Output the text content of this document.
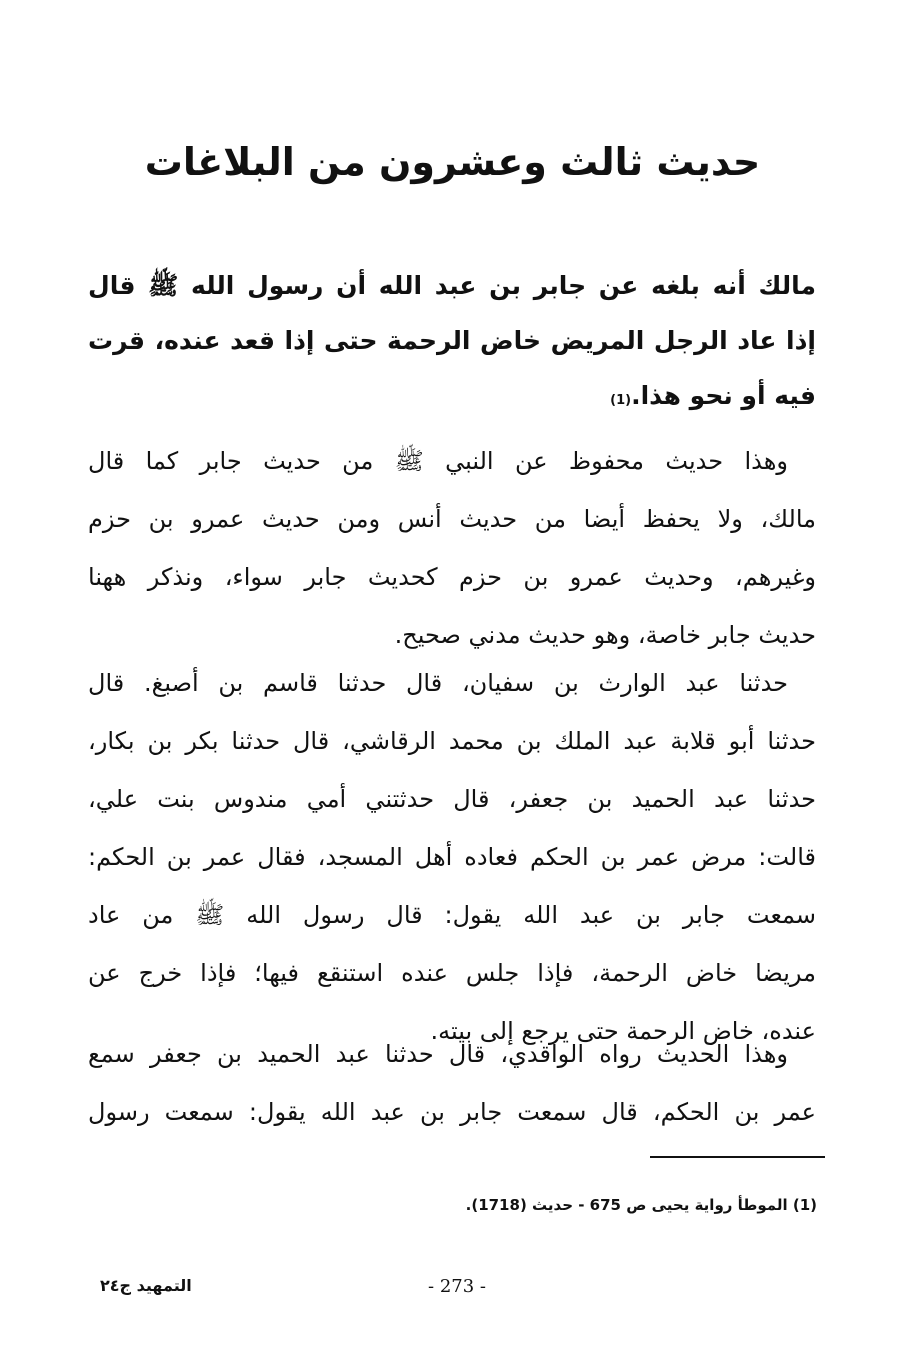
حديث ثالث وعشرون من البلاغات
مالك أنه بلغه عن جابر بن عبد الله أن رسول الله ﷺ قال
إذا عاد الرجل المريض خاض الرحمة حتى إذا قعد عنده، قرت
فيه أو نحو هذا.(1)
وهذا حديث محفوظ عن النبي ﷺ من حديث جابر كما قال
مالك، ولا يحفظ أيضا من حديث أنس ومن حديث عمرو بن حزم
وغيرهم، وحديث عمرو بن حزم كحديث جابر سواء، ونذكر ههنا
حديث جابر خاصة، وهو حديث مدني صحيح.
حدثنا عبد الوارث بن سفيان، قال حدثنا قاسم بن أصبغ. قال
حدثنا أبو قلابة عبد الملك بن محمد الرقاشي، قال حدثنا بكر بن بكار،
حدثنا عبد الحميد بن جعفر، قال حدثتني أمي مندوس بنت علي،
قالت: مرض عمر بن الحكم فعاده أهل المسجد، فقال عمر بن الحكم:
سمعت جابر بن عبد الله يقول: قال رسول الله ﷺ من عاد
مريضا خاض الرحمة، فإذا جلس عنده استنقع فيها؛ فإذا خرج عن
عنده، خاض الرحمة حتى يرجع إلى بيته.
وهذا الحديث رواه الواقدي، قال حدثنا عبد الحميد بن جعفر سمع
عمر بن الحكم، قال سمعت جابر بن عبد الله يقول: سمعت رسول
(1) الموطأ رواية يحيى ص 675 - حديث (1718).
- 273 -
التمهيد ج٢٤
